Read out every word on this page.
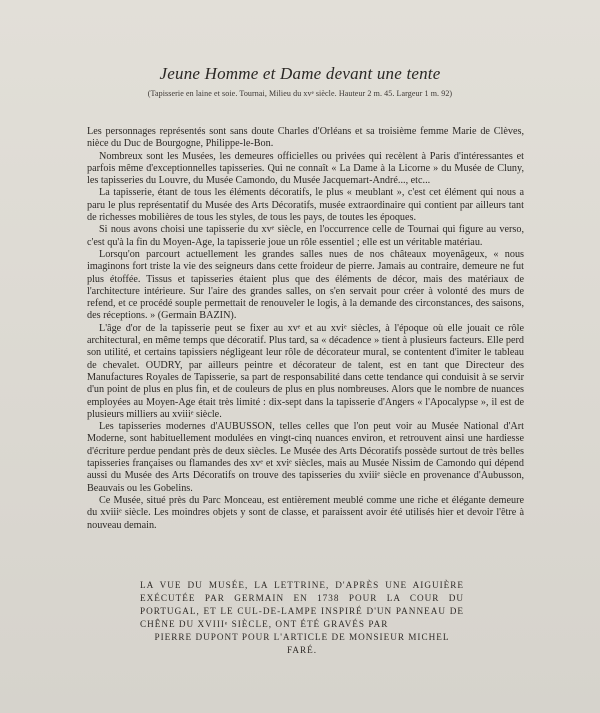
Jeune Homme et Dame devant une tente
(Tapisserie en laine et soie. Tournai, Milieu du xvᵉ siècle. Hauteur 2 m. 45. Largeur 1 m. 92)

Les personnages représentés sont sans doute Charles d'Orléans et sa troisième femme Marie de Clèves, nièce du Duc de Bourgogne, Philippe-le-Bon.

Nombreux sont les Musées, les demeures officielles ou privées qui recèlent à Paris d'intéressantes et parfois même d'exceptionnelles tapisseries. Qui ne connaît « La Dame à la Licorne » du Musée de Cluny, les tapisseries du Louvre, du Musée Camondo, du Musée Jacquemart-André..., etc...

La tapisserie, étant de tous les éléments décoratifs, le plus « meublant », c'est cet élément qui nous a paru le plus représentatif du Musée des Arts Décoratifs, musée extraordinaire qui contient par ailleurs tant de richesses mobilières de tous les styles, de tous les pays, de toutes les époques.

Si nous avons choisi une tapisserie du xvᵉ siècle, en l'occurrence celle de Tournai qui figure au verso, c'est qu'à la fin du Moyen-Age, la tapisserie joue un rôle essentiel ; elle est un véritable matériau.

Lorsqu'on parcourt actuellement les grandes salles nues de nos châteaux moyenâgeux, « nous imaginons fort triste la vie des seigneurs dans cette froideur de pierre. Jamais au contraire, demeure ne fut plus étoffée. Tissus et tapisseries étaient plus que des éléments de décor, mais des matériaux de l'architecture intérieure. Sur l'aire des grandes salles, on s'en servait pour créer à volonté des murs de refend, et ce procédé souple permettait de renouveler le logis, à la demande des circonstances, des saisons, des réceptions. » (Germain BAZIN).

L'âge d'or de la tapisserie peut se fixer au xvᵉ et au xviᵉ siècles, à l'époque où elle jouait ce rôle architectural, en même temps que décoratif. Plus tard, sa « décadence » tient à plusieurs facteurs. Elle perd son utilité, et certains tapissiers négligeant leur rôle de décorateur mural, se contentent d'imiter le tableau de chevalet. OUDRY, par ailleurs peintre et décorateur de talent, est en tant que Directeur des Manufactures Royales de Tapisserie, sa part de responsabilité dans cette tendance qui conduisit à se servir d'un point de plus en plus fin, et de couleurs de plus en plus nombreuses. Alors que le nombre de nuances employées au Moyen-Age était très limité : dix-sept dans la tapisserie d'Angers « l'Apocalypse », il est de plusieurs milliers au xviiiᵉ siècle.

Les tapisseries modernes d'AUBUSSON, telles celles que l'on peut voir au Musée National d'Art Moderne, sont habituellement modulées en vingt-cinq nuances environ, et retrouvent ainsi une hardiesse d'écriture perdue pendant près de deux siècles. Le Musée des Arts Décoratifs possède surtout de très belles tapisseries françaises ou flamandes des xvᵉ et xviᵉ siècles, mais au Musée Nissim de Camondo qui dépend aussi du Musée des Arts Décoratifs on trouve des tapisseries du xviiiᵉ siècle en provenance d'Aubusson, Beauvais ou les Gobelins.

Ce Musée, situé près du Parc Monceau, est entièrement meublé comme une riche et élégante demeure du xviiiᵉ siècle. Les moindres objets y sont de classe, et paraissent avoir été utilisés hier et devoir l'être à nouveau demain.

LA VUE DU MUSÉE, LA LETTRINE, D'APRÈS UNE AIGUIÈRE EXÉCUTÉE PAR GERMAIN EN 1738 POUR LA COUR DU PORTUGAL, ET LE CUL-DE-LAMPE INSPIRÉ D'UN PANNEAU DE CHÊNE DU XVIIIᵉ SIÈCLE, ONT ÉTÉ GRAVÉS PAR
PIERRE DUPONT POUR L'ARTICLE DE MONSIEUR MICHEL FARÉ.
